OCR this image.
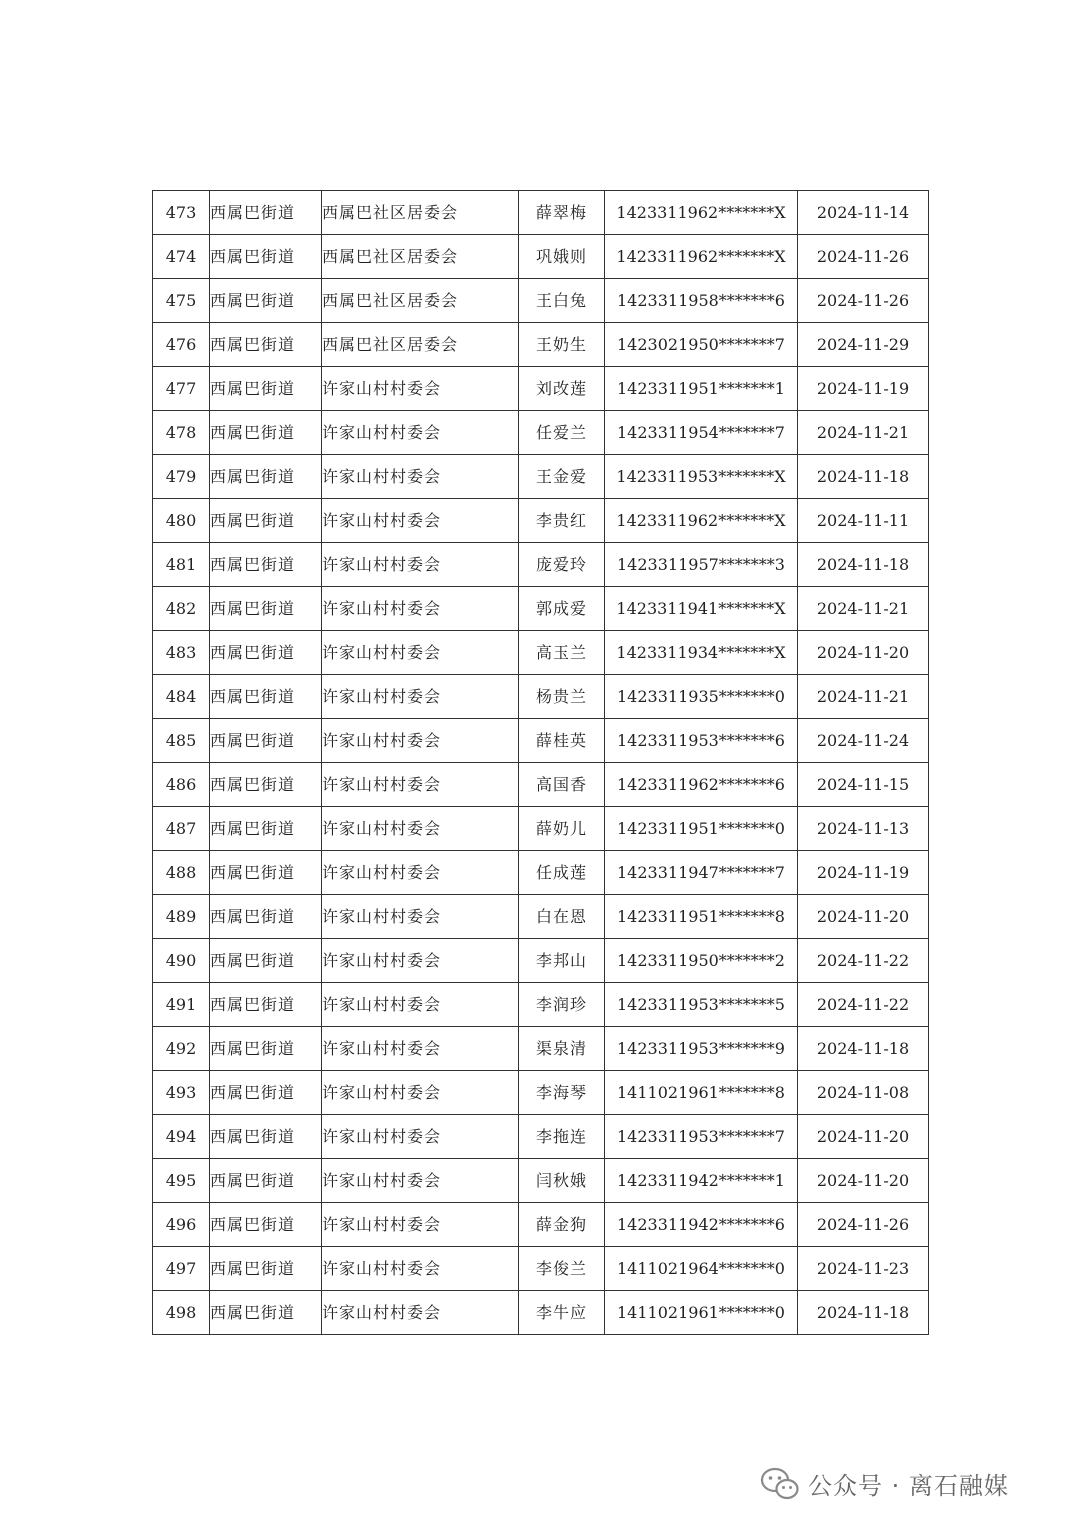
473	西属巴街道	西属巴社区居委会	薛翠梅	1423311962*******X	2024-11-14
474	西属巴街道	西属巴社区居委会	巩娥则	1423311962*******X	2024-11-26
475	西属巴街道	西属巴社区居委会	王白兔	1423311958*******6	2024-11-26
476	西属巴街道	西属巴社区居委会	王奶生	1423021950*******7	2024-11-29
477	西属巴街道	许家山村村委会	刘改莲	1423311951*******1	2024-11-19
478	西属巴街道	许家山村村委会	任爱兰	1423311954*******7	2024-11-21
479	西属巴街道	许家山村村委会	王金爱	1423311953*******X	2024-11-18
480	西属巴街道	许家山村村委会	李贵红	1423311962*******X	2024-11-11
481	西属巴街道	许家山村村委会	庞爱玲	1423311957*******3	2024-11-18
482	西属巴街道	许家山村村委会	郭成爱	1423311941*******X	2024-11-21
483	西属巴街道	许家山村村委会	高玉兰	1423311934*******X	2024-11-20
484	西属巴街道	许家山村村委会	杨贵兰	1423311935*******0	2024-11-21
485	西属巴街道	许家山村村委会	薛桂英	1423311953*******6	2024-11-24
486	西属巴街道	许家山村村委会	高国香	1423311962*******6	2024-11-15
487	西属巴街道	许家山村村委会	薛奶儿	1423311951*******0	2024-11-13
488	西属巴街道	许家山村村委会	任成莲	1423311947*******7	2024-11-19
489	西属巴街道	许家山村村委会	白在恩	1423311951*******8	2024-11-20
490	西属巴街道	许家山村村委会	李邦山	1423311950*******2	2024-11-22
491	西属巴街道	许家山村村委会	李润珍	1423311953*******5	2024-11-22
492	西属巴街道	许家山村村委会	渠泉清	1423311953*******9	2024-11-18
493	西属巴街道	许家山村村委会	李海琴	1411021961*******8	2024-11-08
494	西属巴街道	许家山村村委会	李拖连	1423311953*******7	2024-11-20
495	西属巴街道	许家山村村委会	闫秋娥	1423311942*******1	2024-11-20
496	西属巴街道	许家山村村委会	薛金狗	1423311942*******6	2024-11-26
497	西属巴街道	许家山村村委会	李俊兰	1411021964*******0	2024-11-23
498	西属巴街道	许家山村村委会	李牛应	1411021961*******0	2024-11-18
公众号 · 离石融媒
